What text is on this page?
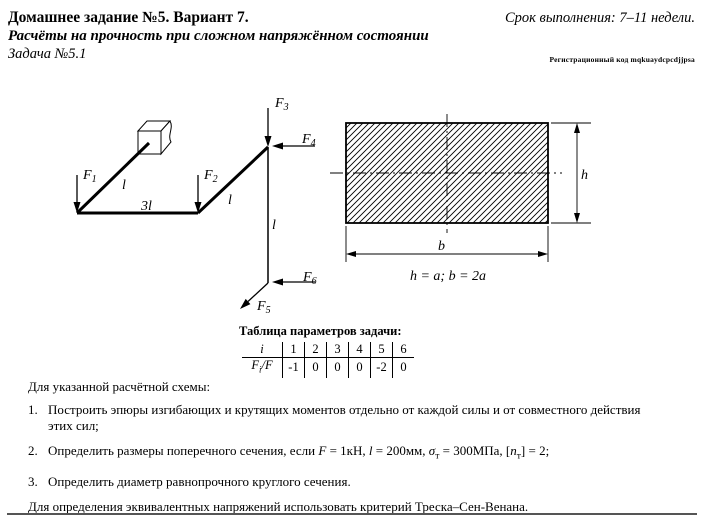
Домашнее задание №5. Вариант 7.	Срок выполнения: 7–11 недели.
Расчёты на прочность при сложном напряжённом состоянии
Задача №5.1	Регистрационный код mqkuaydcpcdjjpsa
$F_1$	$F_2$
$F_3$
$F_4$
$F_5$
$F_6$
l
3l	l
l
h
b
h = a; b = 2a
Таблица параметров задачи:
i	1	2	3	4	5	6
$F_i/F$	-1	0	0	0	-2	0
Для указанной расчётной схемы:
1. Построить эпюры изгибающих и крутящих моментов отдельно от каждой силы и от совместного действия этих сил;
2. Определить размеры поперечного сечения, если F = 1кН, l = 200мм, $\sigma_т = 300МПа$, $[n_т] = 2$;
3. Определить диаметр равнопрочного круглого сечения.
Для определения эквивалентных напряжений использовать критерий Треска–Сен-Венана.
